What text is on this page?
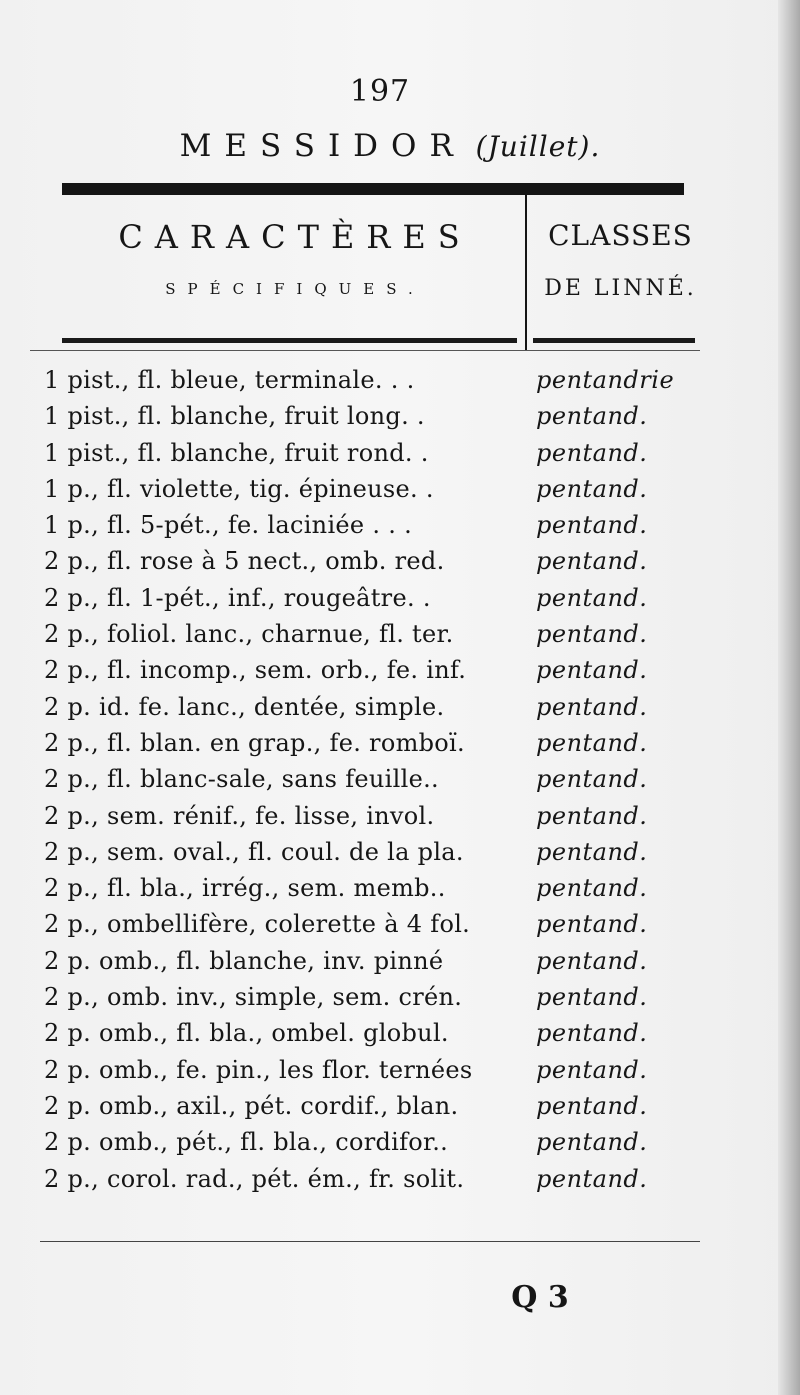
197
MESSIDOR (Juillet).
CARACTÈRES
SPÉCIFIQUES.
CLASSES
DE LINNÉ.
1 pist., fl. bleue, terminale. . .	pentandrie
1 pist., fl. blanche, fruit long. .	pentand.
1 pist., fl. blanche, fruit rond. .	pentand.
1 p., fl. violette, tig. épineuse. .	pentand.
1 p., fl. 5-pét., fe. laciniée . . .	pentand.
2 p., fl. rose à 5 nect., omb. red.	pentand.
2 p., fl. 1-pét., inf., rougeâtre. .	pentand.
2 p., foliol. lanc., charnue, fl. ter.	pentand.
2 p., fl. incomp., sem. orb., fe. inf.	pentand.
2 p. id. fe. lanc., dentée, simple.	pentand.
2 p., fl. blan. en grap., fe. romboï.	pentand.
2 p., fl. blanc-sale, sans feuille..	pentand.
2 p., sem. rénif., fe. lisse, invol.	pentand.
2 p., sem. oval., fl. coul. de la pla.	pentand.
2 p., fl. bla., irrég., sem. memb..	pentand.
2 p., ombellifère, colerette à 4 fol.	pentand.
2 p. omb., fl. blanche, inv. pinné	pentand.
2 p., omb. inv., simple, sem. crén.	pentand.
2 p. omb., fl. bla., ombel. globul.	pentand.
2 p. omb., fe. pin., les flor. ternées	pentand.
2 p. omb., axil., pét. cordif., blan.	pentand.
2 p. omb., pét., fl. bla., cordifor..	pentand.
2 p., corol. rad., pét. ém., fr. solit.	pentand.
Q 3
